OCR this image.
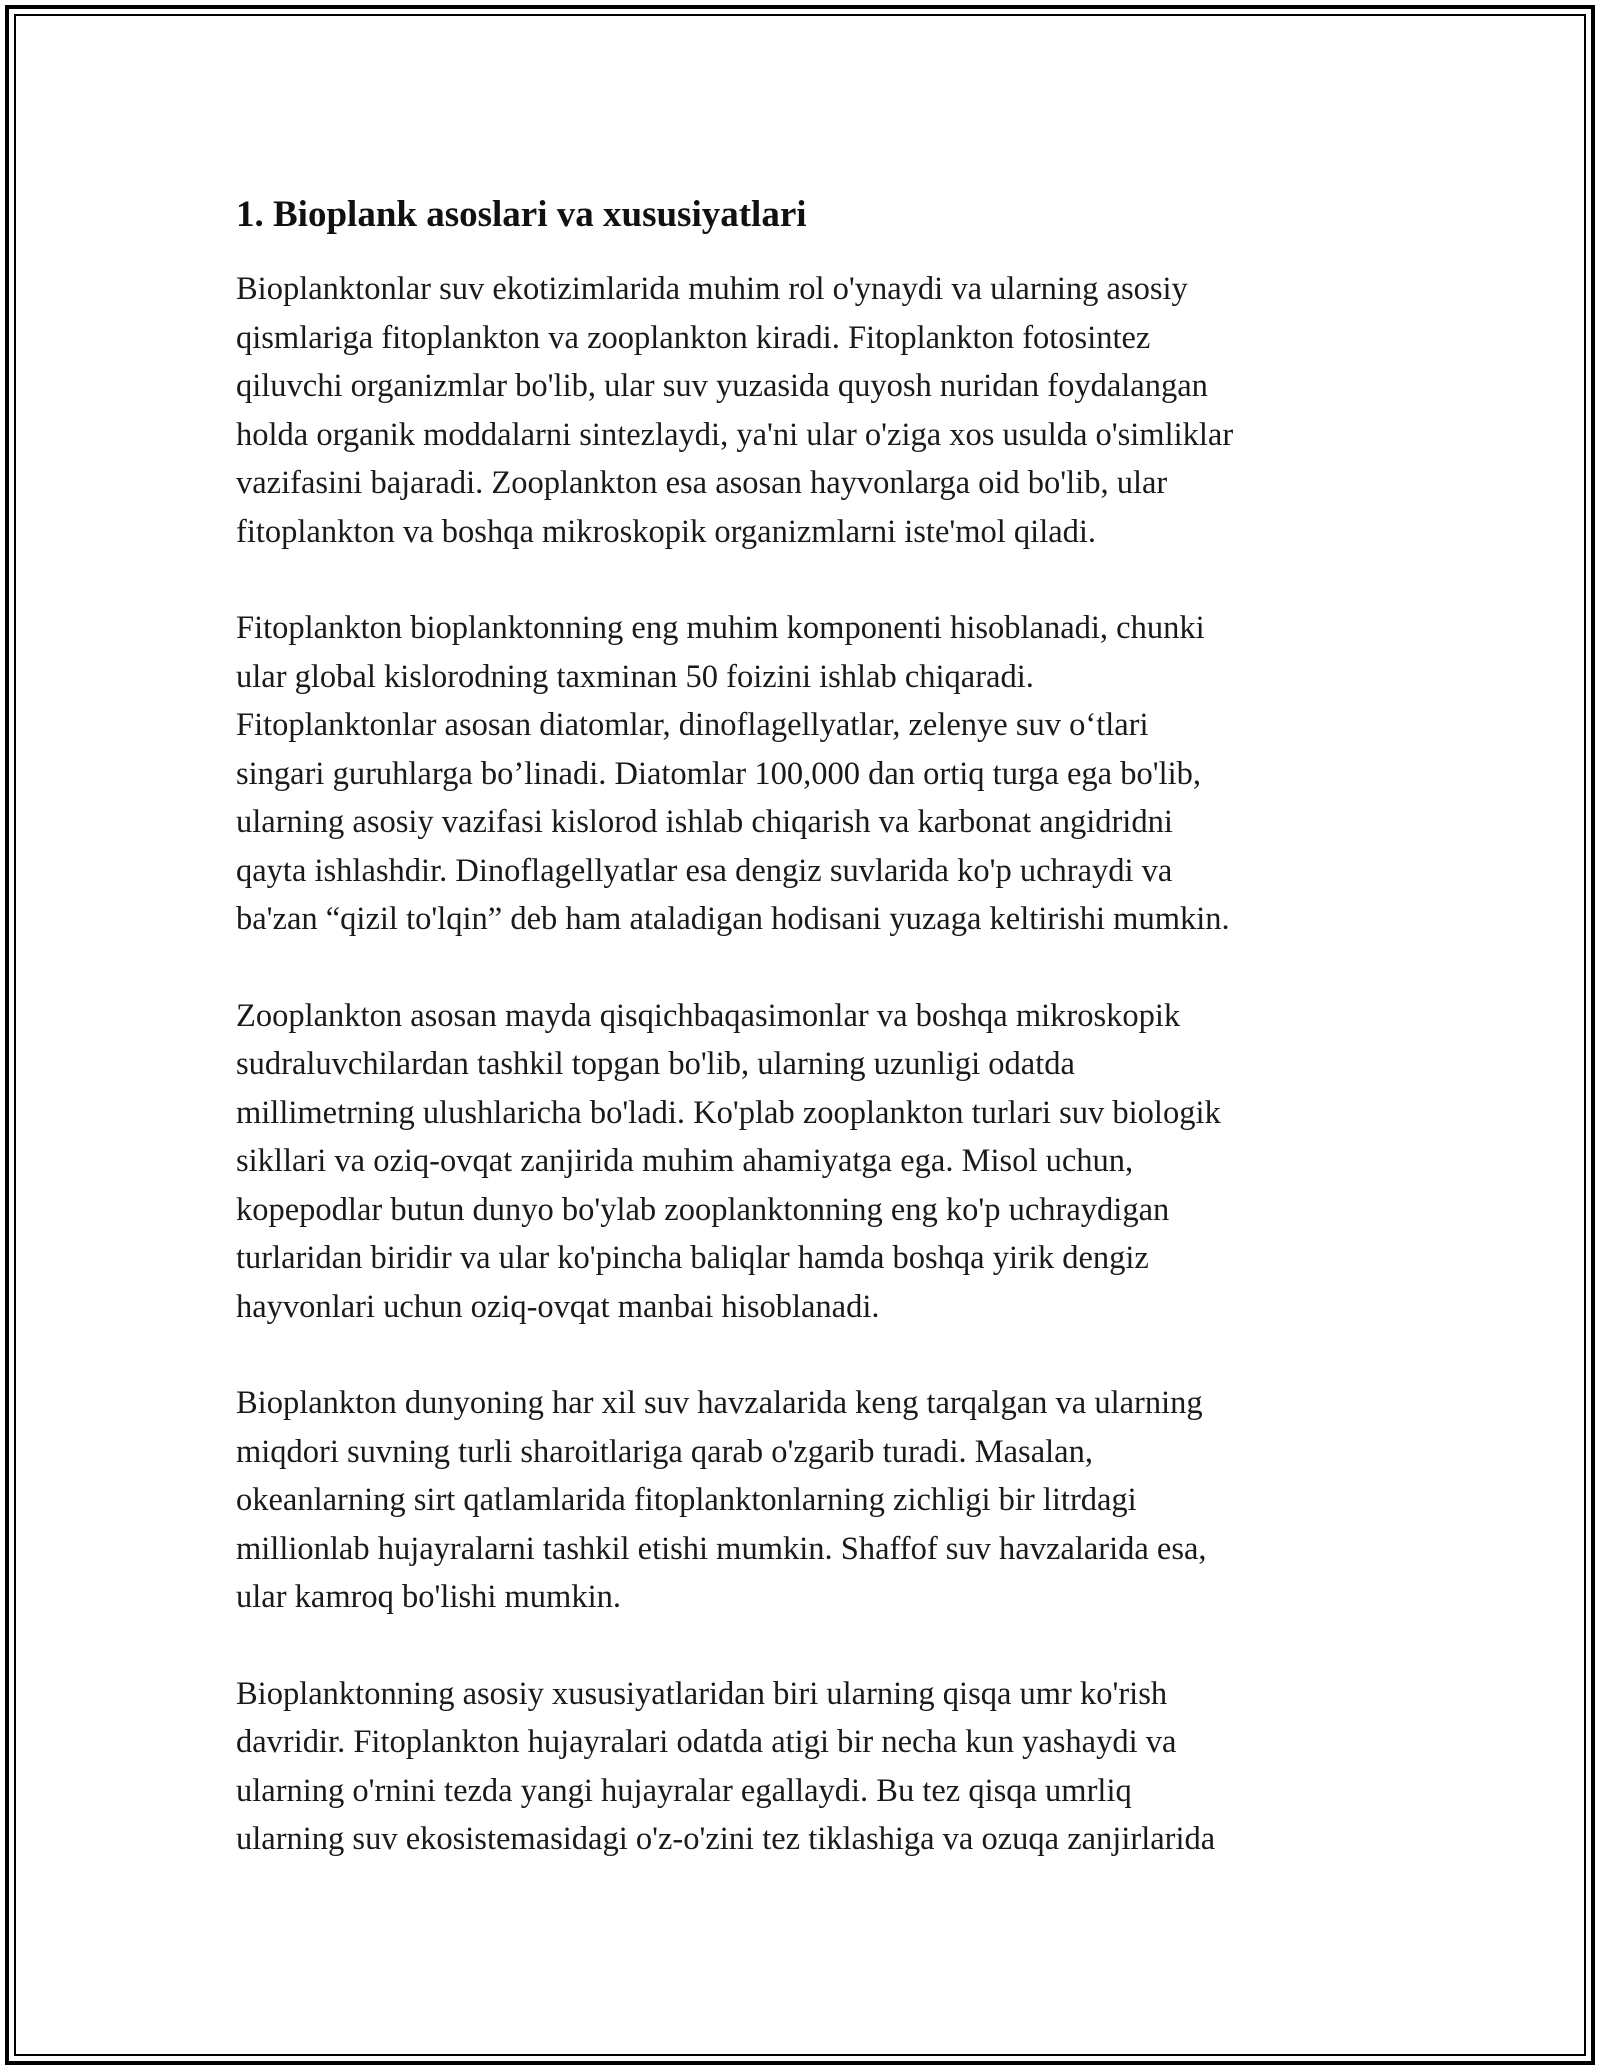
1. Bioplank asoslari va xususiyatlari

Bioplanktonlar suv ekotizimlarida muhim rol o'ynaydi va ularning asosiy
qismlariga fitoplankton va zooplankton kiradi. Fitoplankton fotosintez
qiluvchi organizmlar bo'lib, ular suv yuzasida quyosh nuridan foydalangan
holda organik moddalarni sintezlaydi, ya'ni ular o'ziga xos usulda o'simliklar
vazifasini bajaradi. Zooplankton esa asosan hayvonlarga oid bo'lib, ular
fitoplankton va boshqa mikroskopik organizmlarni iste'mol qiladi.

Fitoplankton bioplanktonning eng muhim komponenti hisoblanadi, chunki
ular global kislorodning taxminan 50 foizini ishlab chiqaradi.
Fitoplanktonlar asosan diatomlar, dinoflagellyatlar, zelenye suv o‘tlari
singari guruhlarga bo’linadi. Diatomlar 100,000 dan ortiq turga ega bo'lib,
ularning asosiy vazifasi kislorod ishlab chiqarish va karbonat angidridni
qayta ishlashdir. Dinoflagellyatlar esa dengiz suvlarida ko'p uchraydi va
ba'zan “qizil to'lqin” deb ham ataladigan hodisani yuzaga keltirishi mumkin.

Zooplankton asosan mayda qisqichbaqasimonlar va boshqa mikroskopik
sudraluvchilardan tashkil topgan bo'lib, ularning uzunligi odatda
millimetrning ulushlaricha bo'ladi. Ko'plab zooplankton turlari suv biologik
sikllari va oziq-ovqat zanjirida muhim ahamiyatga ega. Misol uchun,
kopepodlar butun dunyo bo'ylab zooplanktonning eng ko'p uchraydigan
turlaridan biridir va ular ko'pincha baliqlar hamda boshqa yirik dengiz
hayvonlari uchun oziq-ovqat manbai hisoblanadi.

Bioplankton dunyoning har xil suv havzalarida keng tarqalgan va ularning
miqdori suvning turli sharoitlariga qarab o'zgarib turadi. Masalan,
okeanlarning sirt qatlamlarida fitoplanktonlarning zichligi bir litrdagi
millionlab hujayralarni tashkil etishi mumkin. Shaffof suv havzalarida esa,
ular kamroq bo'lishi mumkin.

Bioplanktonning asosiy xususiyatlaridan biri ularning qisqa umr ko'rish
davridir. Fitoplankton hujayralari odatda atigi bir necha kun yashaydi va
ularning o'rnini tezda yangi hujayralar egallaydi. Bu tez qisqa umrliq
ularning suv ekosistemasidagi o'z-o'zini tez tiklashiga va ozuqa zanjirlarida
